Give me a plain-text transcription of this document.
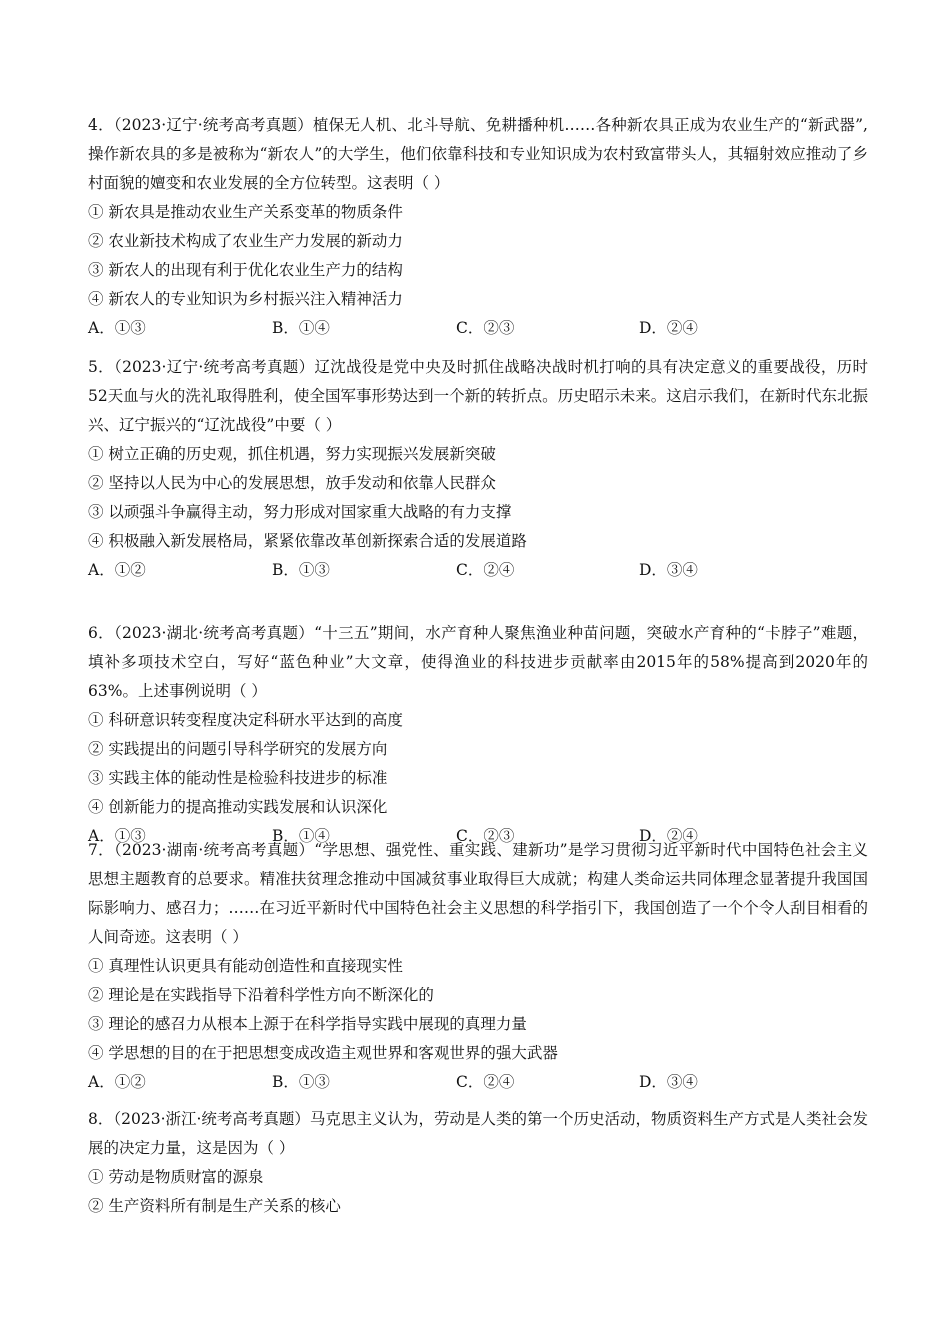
4．（2023·辽宁·统考高考真题）植保无人机、北斗导航、免耕播种机……各种新农具正成为农业生产的“新武器”,操作新农具的多是被称为“新农人”的大学生，他们依靠科技和专业知识成为农村致富带头人，其辐射效应推动了乡村面貌的嬗变和农业发展的全方位转型。这表明（ ）

① 新农具是推动农业生产关系变革的物质条件

② 农业新技术构成了农业生产力发展的新动力

③ 新农人的出现有利于优化农业生产力的结构

④ 新农人的专业知识为乡村振兴注入精神活力

A．①③	B．①④	C．②③	D．②④

5．（2023·辽宁·统考高考真题）辽沈战役是党中央及时抓住战略决战时机打响的具有决定意义的重要战役，历时52天血与火的洗礼取得胜利，使全国军事形势达到一个新的转折点。历史昭示未来。这启示我们，在新时代东北振兴、辽宁振兴的“辽沈战役”中要（ ）

① 树立正确的历史观，抓住机遇，努力实现振兴发展新突破

② 坚持以人民为中心的发展思想，放手发动和依靠人民群众

③ 以顽强斗争赢得主动，努力形成对国家重大战略的有力支撑

④ 积极融入新发展格局，紧紧依靠改革创新探索合适的发展道路

A．①②	B．①③	C．②④	D．③④

6．（2023·湖北·统考高考真题）“十三五”期间，水产育种人聚焦渔业种苗问题，突破水产育种的“卡脖子”难题，填补多项技术空白，写好“蓝色种业”大文章，使得渔业的科技进步贡献率由2015年的58%提高到2020年的63%。上述事例说明（ ）

① 科研意识转变程度决定科研水平达到的高度

② 实践提出的问题引导科学研究的发展方向

③ 实践主体的能动性是检验科技进步的标准

④ 创新能力的提高推动实践发展和认识深化

A．①③	B．①④	C．②③	D．②④

7．（2023·湖南·统考高考真题）“学思想、强党性、重实践、建新功”是学习贯彻习近平新时代中国特色社会主义思想主题教育的总要求。精准扶贫理念推动中国减贫事业取得巨大成就；构建人类命运共同体理念显著提升我国国际影响力、感召力；……在习近平新时代中国特色社会主义思想的科学指引下，我国创造了一个个令人刮目相看的人间奇迹。这表明（ ）

① 真理性认识更具有能动创造性和直接现实性

② 理论是在实践指导下沿着科学性方向不断深化的

③ 理论的感召力从根本上源于在科学指导实践中展现的真理力量

④ 学思想的目的在于把思想变成改造主观世界和客观世界的强大武器

A．①②	B．①③	C．②④	D．③④

8．（2023·浙江·统考高考真题）马克思主义认为，劳动是人类的第一个历史活动，物质资料生产方式是人类社会发展的决定力量，这是因为（ ）

① 劳动是物质财富的源泉

② 生产资料所有制是生产关系的核心
